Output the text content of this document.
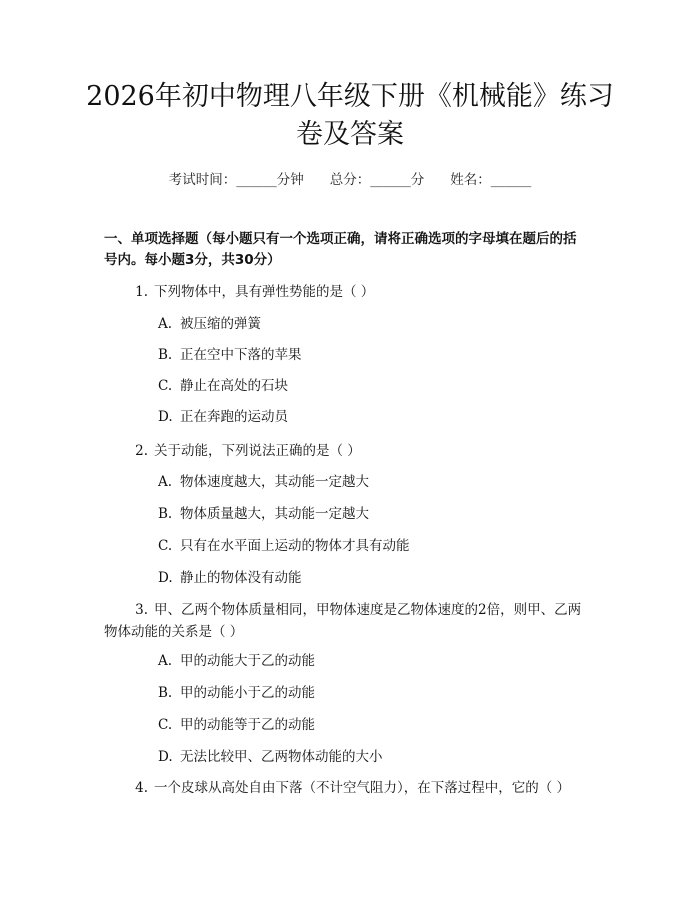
2026年初中物理八年级下册《机械能》练习
卷及答案
考试时间：______分钟 总分：______分 姓名：______
一、单项选择题（每小题只有一个选项正确，请将正确选项的字母填在题后的括
号内。每小题3分，共30分）
1. 下列物体中，具有弹性势能的是（ ）
A. 被压缩的弹簧
B. 正在空中下落的苹果
C. 静止在高处的石块
D. 正在奔跑的运动员
2. 关于动能，下列说法正确的是（ ）
A. 物体速度越大，其动能一定越大
B. 物体质量越大，其动能一定越大
C. 只有在水平面上运动的物体才具有动能
D. 静止的物体没有动能
3. 甲、乙两个物体质量相同，甲物体速度是乙物体速度的2倍，则甲、乙两
物体动能的关系是（ ）
A. 甲的动能大于乙的动能
B. 甲的动能小于乙的动能
C. 甲的动能等于乙的动能
D. 无法比较甲、乙两物体动能的大小
4. 一个皮球从高处自由下落（不计空气阻力），在下落过程中，它的（ ）
